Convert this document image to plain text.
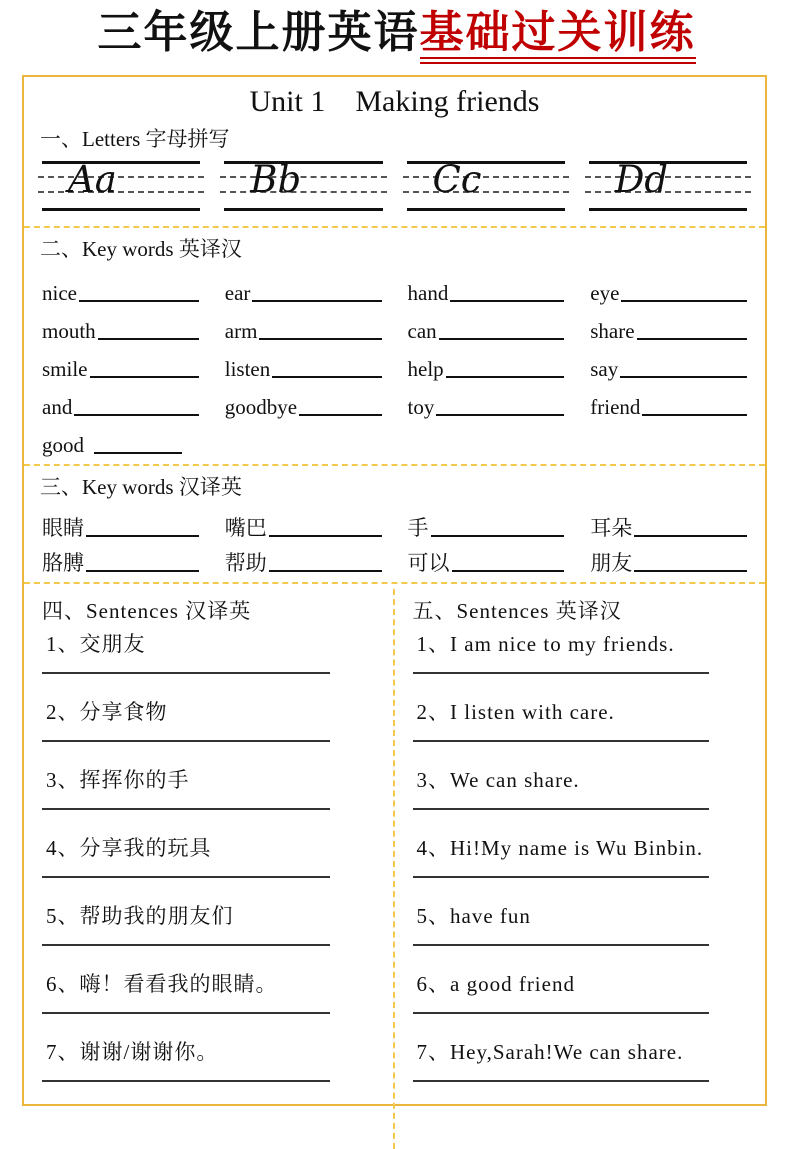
三年级上册英语基础过关训练
Unit 1    Making friends
一、Letters 字母拼写
Aa	Bb	Cc	Dd
二、Key words 英译汉
nice	ear	hand	eye
mouth	arm	can	share
smile	listen	help	say
and	goodbye	toy	friend
good
三、Key words 汉译英
眼睛	嘴巴	手	耳朵
胳膊	帮助	可以	朋友
四、Sentences 汉译英
1、交朋友
2、分享食物
3、挥挥你的手
4、分享我的玩具
5、帮助我的朋友们
6、嗨！看看我的眼睛。
7、谢谢/谢谢你。
五、Sentences 英译汉
1、I am nice to my friends.
2、I listen with care.
3、We can share.
4、Hi!My name is Wu Binbin.
5、have fun
6、a good friend
7、Hey,Sarah!We can share.
